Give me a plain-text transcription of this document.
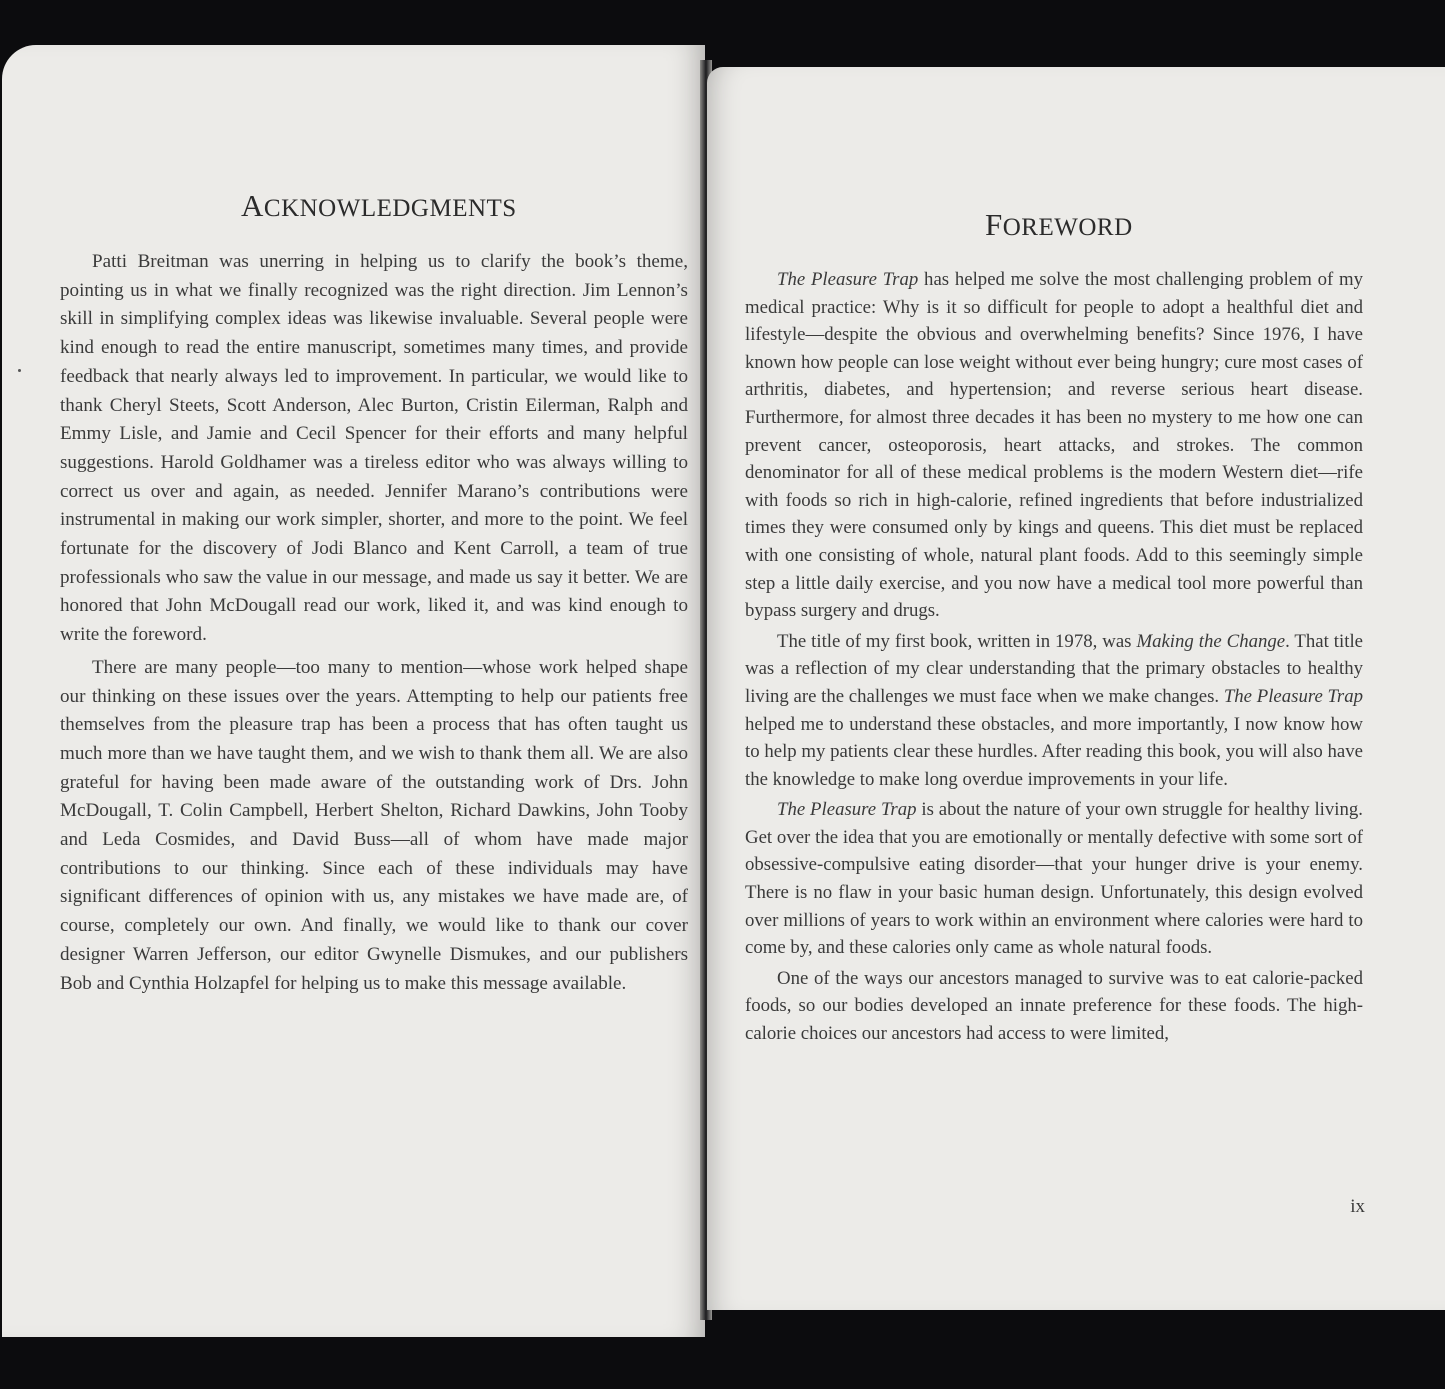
ACKNOWLEDGMENTS

Patti Breitman was unerring in helping us to clarify the book’s theme, pointing us in what we finally recognized was the right direction. Jim Lennon’s skill in simplifying complex ideas was likewise invaluable. Several people were kind enough to read the entire manuscript, sometimes many times, and provide feedback that nearly always led to improvement. In particular, we would like to thank Cheryl Steets, Scott Anderson, Alec Burton, Cristin Eilerman, Ralph and Emmy Lisle, and Jamie and Cecil Spencer for their efforts and many helpful suggestions. Harold Goldhamer was a tireless editor who was always willing to correct us over and again, as needed. Jennifer Marano’s contributions were instrumental in making our work simpler, shorter, and more to the point. We feel fortunate for the discovery of Jodi Blanco and Kent Carroll, a team of true professionals who saw the value in our message, and made us say it better. We are honored that John McDougall read our work, liked it, and was kind enough to write the foreword.

There are many people—too many to mention—whose work helped shape our thinking on these issues over the years. Attempting to help our patients free themselves from the pleasure trap has been a process that has often taught us much more than we have taught them, and we wish to thank them all. We are also grateful for having been made aware of the outstanding work of Drs. John McDougall, T. Colin Campbell, Herbert Shelton, Richard Dawkins, John Tooby and Leda Cosmides, and David Buss—all of whom have made major contributions to our thinking. Since each of these individuals may have significant differences of opinion with us, any mistakes we have made are, of course, completely our own. And finally, we would like to thank our cover designer Warren Jefferson, our editor Gwynelle Dismukes, and our publishers Bob and Cynthia Holzapfel for helping us to make this message available.

FOREWORD

The Pleasure Trap has helped me solve the most challenging problem of my medical practice: Why is it so difficult for people to adopt a healthful diet and lifestyle—despite the obvious and overwhelming benefits? Since 1976, I have known how people can lose weight without ever being hungry; cure most cases of arthritis, diabetes, and hypertension; and reverse serious heart disease. Furthermore, for almost three decades it has been no mystery to me how one can prevent cancer, osteoporosis, heart attacks, and strokes. The common denominator for all of these medical problems is the modern Western diet—rife with foods so rich in high-calorie, refined ingredients that before industrialized times they were consumed only by kings and queens. This diet must be replaced with one consisting of whole, natural plant foods. Add to this seemingly simple step a little daily exercise, and you now have a medical tool more powerful than bypass surgery and drugs.

The title of my first book, written in 1978, was Making the Change. That title was a reflection of my clear understanding that the primary obstacles to healthy living are the challenges we must face when we make changes. The Pleasure Trap helped me to understand these obstacles, and more importantly, I now know how to help my patients clear these hurdles. After reading this book, you will also have the knowledge to make long overdue improvements in your life.

The Pleasure Trap is about the nature of your own struggle for healthy living. Get over the idea that you are emotionally or mentally defective with some sort of obsessive-compulsive eating disorder—that your hunger drive is your enemy. There is no flaw in your basic human design. Unfortunately, this design evolved over millions of years to work within an environment where calories were hard to come by, and these calories only came as whole natural foods.

One of the ways our ancestors managed to survive was to eat calorie-packed foods, so our bodies developed an innate preference for these foods. The high-calorie choices our ancestors had access to were limited,

ix
